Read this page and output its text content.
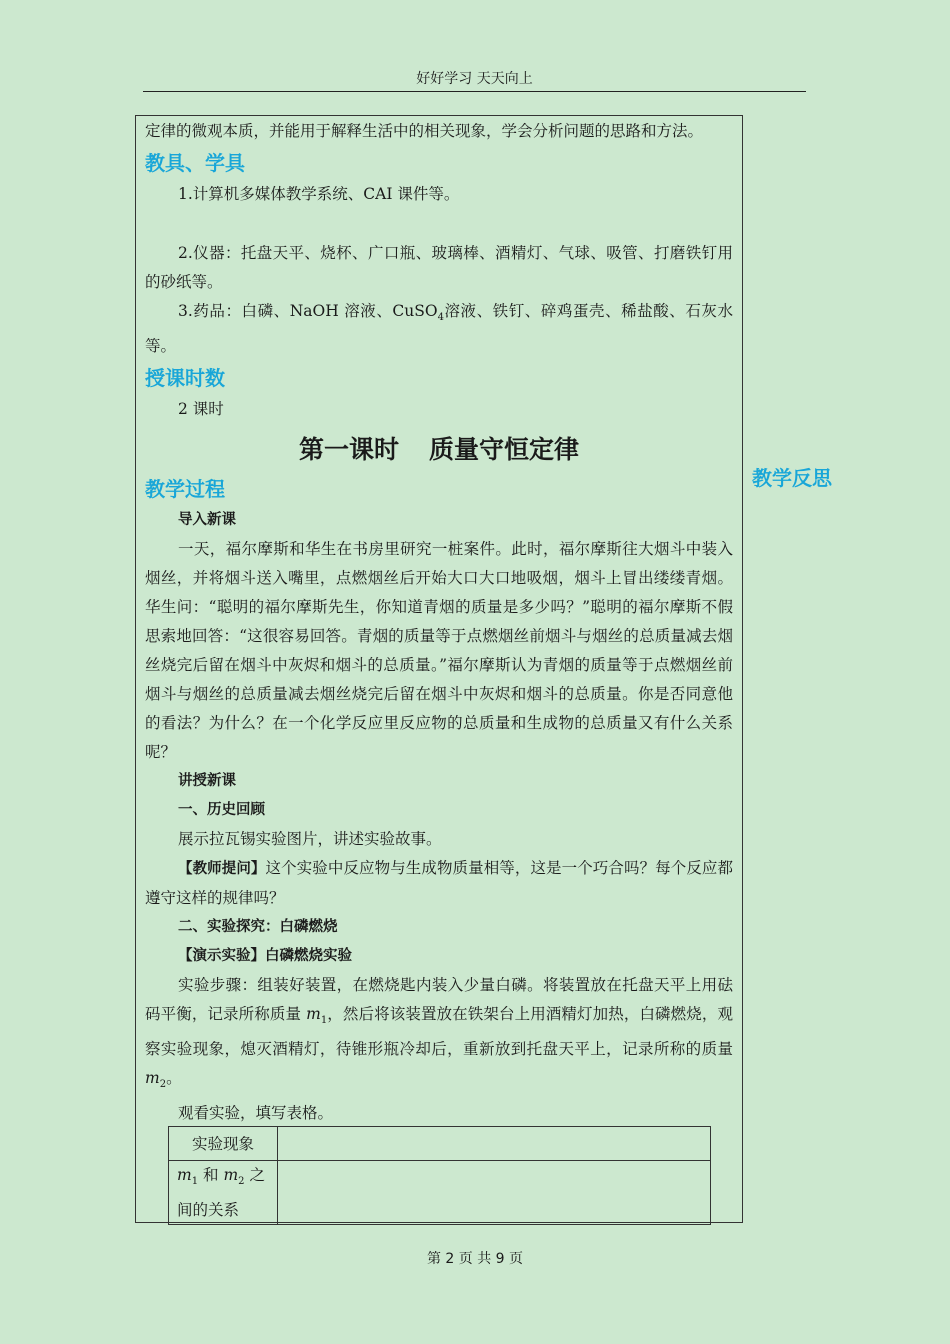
好好学习 天天向上

定律的微观本质，并能用于解释生活中的相关现象，学会分析问题的思路和方法。

教具、学具

1.计算机多媒体教学系统、CAI 课件等。

2.仪器：托盘天平、烧杯、广口瓶、玻璃棒、酒精灯、气球、吸管、打磨铁钉用的砂纸等。

3.药品：白磷、NaOH 溶液、CuSO$_4$溶液、铁钉、碎鸡蛋壳、稀盐酸、石灰水等。

授课时数

2 课时

第一课时 质量守恒定律

教学过程

导入新课

一天，福尔摩斯和华生在书房里研究一桩案件。此时，福尔摩斯往大烟斗中装入烟丝，并将烟斗送入嘴里，点燃烟丝后开始大口大口地吸烟，烟斗上冒出缕缕青烟。华生问：“聪明的福尔摩斯先生，你知道青烟的质量是多少吗？”聪明的福尔摩斯不假思索地回答：“这很容易回答。青烟的质量等于点燃烟丝前烟斗与烟丝的总质量减去烟丝烧完后留在烟斗中灰烬和烟斗的总质量。”福尔摩斯认为青烟的质量等于点燃烟丝前烟斗与烟丝的总质量减去烟丝烧完后留在烟斗中灰烬和烟斗的总质量。你是否同意他的看法？为什么？在一个化学反应里反应物的总质量和生成物的总质量又有什么关系呢？

讲授新课

一、历史回顾

展示拉瓦锡实验图片，讲述实验故事。

【教师提问】这个实验中反应物与生成物质量相等，这是一个巧合吗？每个反应都遵守这样的规律吗？

二、实验探究：白磷燃烧

【演示实验】白磷燃烧实验

实验步骤：组装好装置，在燃烧匙内装入少量白磷。将装置放在托盘天平上用砝码平衡，记录所称质量 $m_1$，然后将该装置放在铁架台上用酒精灯加热，白磷燃烧，观察实验现象，熄灭酒精灯，待锥形瓶冷却后，重新放到托盘天平上，记录所称的质量 $m_2$。

观看实验，填写表格。

教学反思
实验现象	
$m_1$ 和 $m_2$ 之间的关系	
第 2 页 共 9 页
